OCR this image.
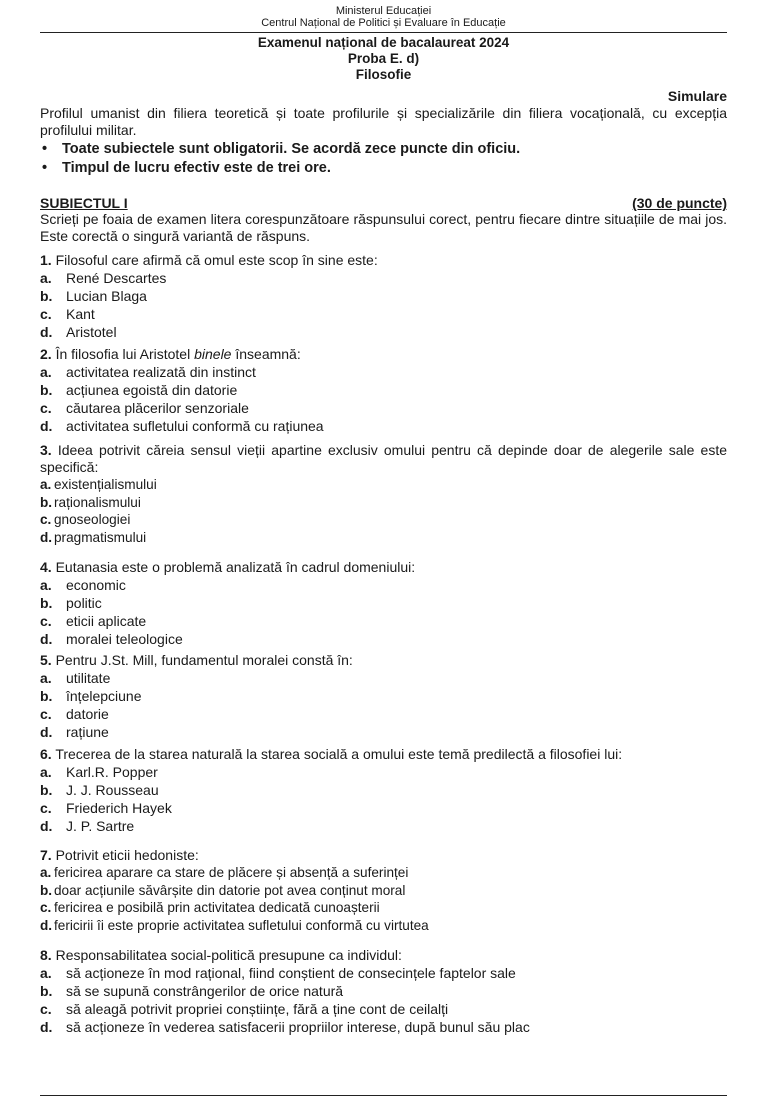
Ministerul Educației
Centrul Național de Politici și Evaluare în Educație
Examenul național de bacalaureat 2024
Proba E. d)
Filosofie
Simulare
Profilul umanist din filiera teoretică și toate profilurile și specializările din filiera vocațională, cu excepția profilului militar.
• Toate subiectele sunt obligatorii. Se acordă zece puncte din oficiu.
• Timpul de lucru efectiv este de trei ore.
SUBIECTUL I	(30 de puncte)
Scrieți pe foaia de examen litera corespunzătoare răspunsului corect, pentru fiecare dintre situațiile de mai jos. Este corectă o singură variantă de răspuns.
1. Filosoful care afirmă că omul este scop în sine este:
a.	René Descartes
b. Lucian Blaga
c.	Kant
d. Aristotel
2. În filosofia lui Aristotel binele înseamnă:
a.	activitatea realizată din instinct
b. acțiunea egoistă din datorie
c.	căutarea plăcerilor senzoriale
d. activitatea sufletului conformă cu rațiunea
3. Ideea potrivit căreia sensul vieții apartine exclusiv omului pentru că depinde doar de alegerile sale este specifică:
a. existențialismului
b. raționalismului
c. gnoseologiei
d. pragmatismului
4. Eutanasia este o problemă analizată în cadrul domeniului:
a.	economic
b. politic
c.	eticii aplicate
d. moralei teleologice
5. Pentru J.St. Mill, fundamentul moralei constă în:
a.	utilitate
b. înțelepciune
c.	datorie
d. rațiune
6. Trecerea de la starea naturală la starea socială a omului este temă predilectă a filosofiei lui:
a.	Karl.R. Popper
b. J. J. Rousseau
c.	Friederich Hayek
d. J. P. Sartre
7. Potrivit eticii hedoniste:
a. fericirea aparare ca stare de plăcere și absență a suferinței
b. doar acțiunile săvârșite din datorie pot avea conținut moral
c. fericirea e posibilă prin activitatea dedicată cunoașterii
d. fericirii îi este proprie activitatea sufletului conformă cu virtutea
8. Responsabilitatea social-politică presupune ca individul:
a.	să acționeze în mod rațional, fiind conștient de consecințele faptelor sale
b. să se supună constrângerilor de orice natură
c.	să aleagă potrivit propriei conștiințe, fără a ține cont de ceilalți
d. să acționeze în vederea satisfacerii propriilor interese, după bunul său plac
